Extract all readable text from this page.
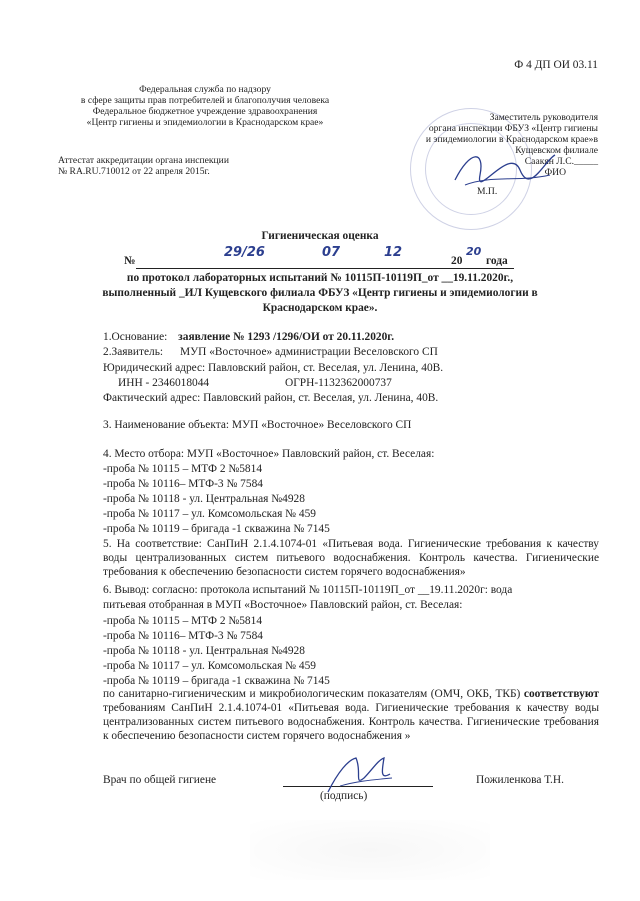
Ф 4 ДП ОИ 03.11
Федеральная служба по надзору
в сфере защиты прав потребителей и благополучия человека
Федеральное бюджетное учреждение здравоохранения
«Центр гигиены и эпидемиологии в Краснодарском крае»
Аттестат аккредитации органа инспекции
№ RA.RU.710012 от 22 апреля 2015г.
Заместитель руководителя
органа инспекции ФБУЗ «Центр гигиены
и эпидемиологии в Краснодарском крае»в
Кущевском филиале
Саакян Л.С._____
ФИО
М.П.
Гигиеническая оценка
№
29/26	07	12
20
20
года
по протокол лабораторных испытаний № 10115П-10119П_от __19.11.2020г.,
выполненный _ИЛ Кущевского филиала ФБУЗ «Центр гигиены и эпидемиологии в
Краснодарском крае».
1.Основание: заявление № 1293 /1296/ОИ от 20.11.2020г.
2.Заявитель: МУП «Восточное» администрации Веселовского СП
Юридический адрес: Павловский район, ст. Веселая, ул. Ленина, 40В.
ИНН - 2346018044	ОГРН-1132362000737
Фактический адрес: Павловский район, ст. Веселая, ул. Ленина, 40В.
3. Наименование объекта: МУП «Восточное» Веселовского СП
4. Место отбора: МУП «Восточное» Павловский район, ст. Веселая:
-проба № 10115 – МТФ 2 №5814
-проба № 10116– МТФ-3 № 7584
-проба № 10118 - ул. Центральная №4928
-проба № 10117 – ул. Комсомольская № 459
-проба № 10119 – бригада -1 скважина № 7145
5. На соответствие: СанПиН 2.1.4.1074-01 «Питьевая вода. Гигиенические требования к качеству воды централизованных систем питьевого водоснабжения. Контроль качества. Гигиенические требования к обеспечению безопасности систем горячего водоснабжения»
6. Вывод: согласно: протокола испытаний № 10115П-10119П_от __19.11.2020г: вода
питьевая отобранная в МУП «Восточное» Павловский район, ст. Веселая:
-проба № 10115 – МТФ 2 №5814
-проба № 10116– МТФ-3 № 7584
-проба № 10118 - ул. Центральная №4928
-проба № 10117 – ул. Комсомольская № 459
-проба № 10119 – бригада -1 скважина № 7145
по санитарно-гигиеническим и микробиологическим показателям (ОМЧ, ОКБ, ТКБ) соответствуют требованиям СанПиН 2.1.4.1074-01 «Питьевая вода. Гигиенические требования к качеству воды централизованных систем питьевого водоснабжения. Контроль качества. Гигиенические требования к обеспечению безопасности систем горячего водоснабжения »
Врач по общей гигиене
(подпись)
Пожиленкова Т.Н.
